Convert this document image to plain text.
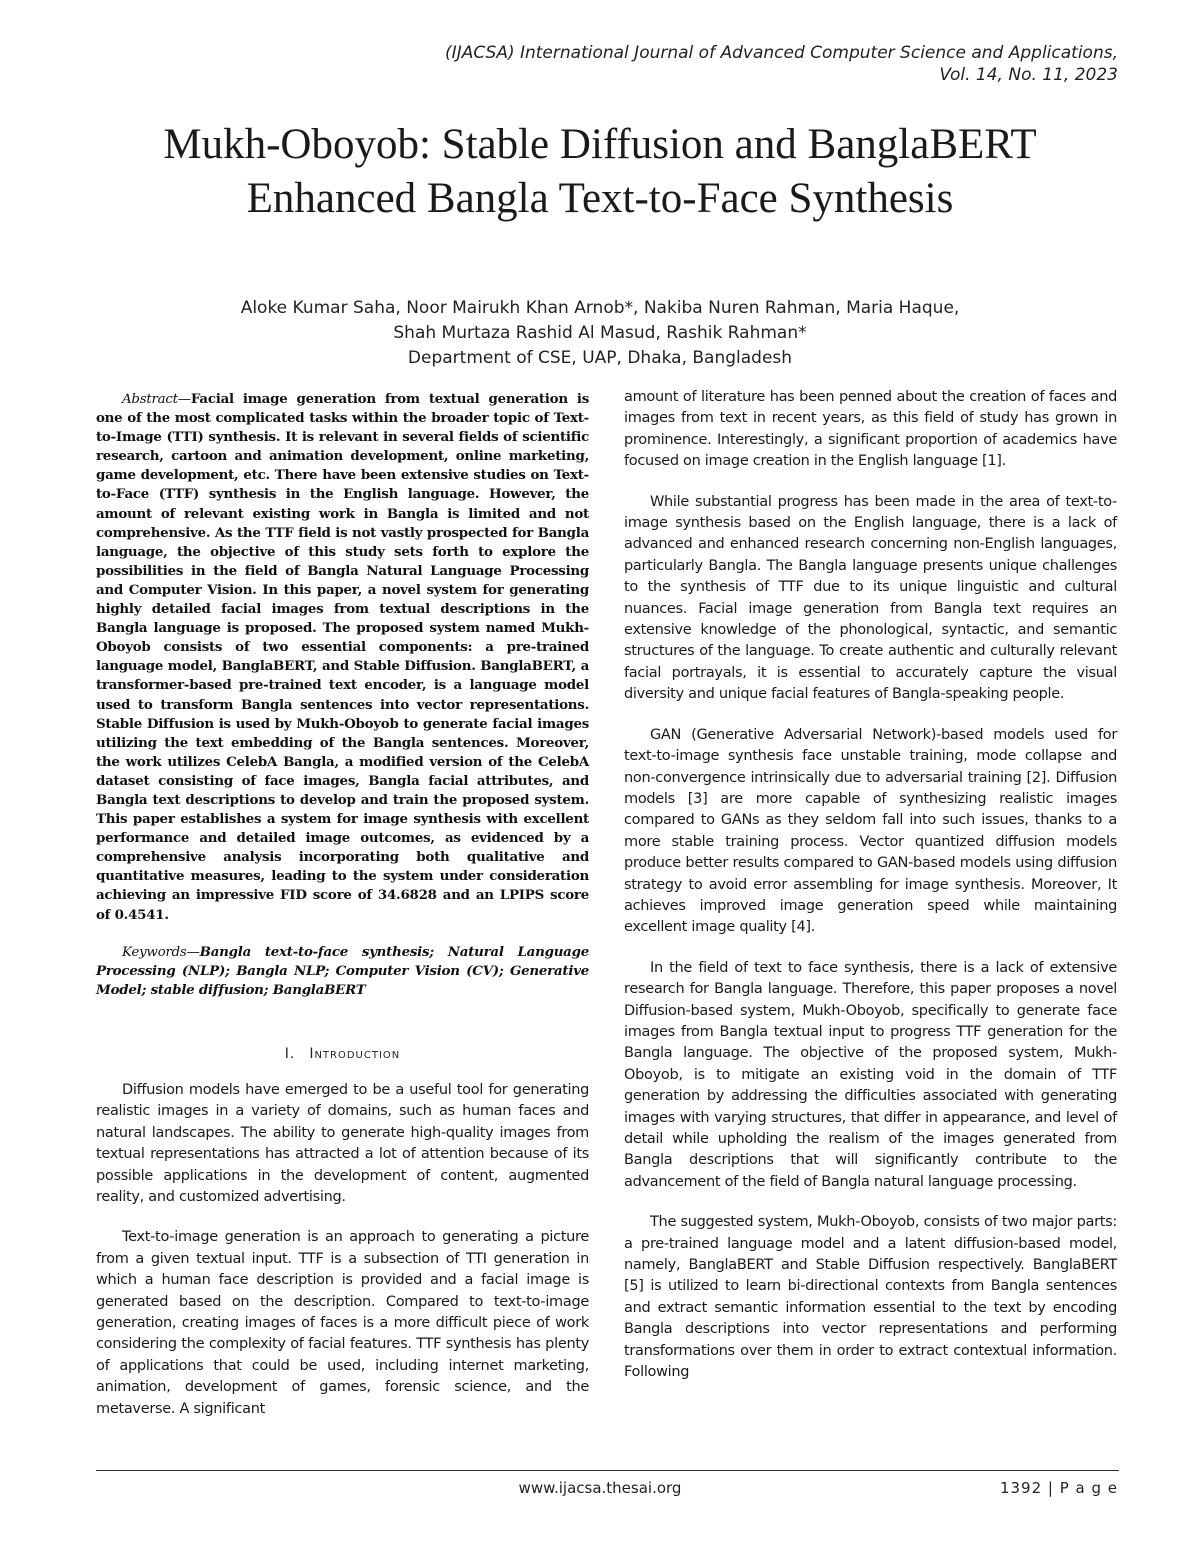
(IJACSA) International Journal of Advanced Computer Science and Applications,
Vol. 14, No. 11, 2023
Mukh-Oboyob: Stable Diffusion and BanglaBERT
Enhanced Bangla Text-to-Face Synthesis
Aloke Kumar Saha, Noor Mairukh Khan Arnob*, Nakiba Nuren Rahman, Maria Haque,
Shah Murtaza Rashid Al Masud, Rashik Rahman*
Department of CSE, UAP, Dhaka, Bangladesh

Abstract—Facial image generation from textual generation is one of the most complicated tasks within the broader topic of Text-to-Image (TTI) synthesis. It is relevant in several fields of scientific research, cartoon and animation development, online marketing, game development, etc. There have been extensive studies on Text-to-Face (TTF) synthesis in the English language. However, the amount of relevant existing work in Bangla is limited and not comprehensive. As the TTF field is not vastly prospected for Bangla language, the objective of this study sets forth to explore the possibilities in the field of Bangla Natural Language Processing and Computer Vision. In this paper, a novel system for generating highly detailed facial images from textual descriptions in the Bangla language is proposed. The proposed system named Mukh-Oboyob consists of two essential components: a pre-trained language model, BanglaBERT, and Stable Diffusion. BanglaBERT, a transformer-based pre-trained text encoder, is a language model used to transform Bangla sentences into vector representations. Stable Diffusion is used by Mukh-Oboyob to generate facial images utilizing the text embedding of the Bangla sentences. Moreover, the work utilizes CelebA Bangla, a modified version of the CelebA dataset consisting of face images, Bangla facial attributes, and Bangla text descriptions to develop and train the proposed system. This paper establishes a system for image synthesis with excellent performance and detailed image outcomes, as evidenced by a comprehensive analysis incorporating both qualitative and quantitative measures, leading to the system under consideration achieving an impressive FID score of 34.6828 and an LPIPS score of 0.4541.

Keywords—Bangla text-to-face synthesis; Natural Language Processing (NLP); Bangla NLP; Computer Vision (CV); Generative Model; stable diffusion; BanglaBERT

I. Introduction

Diffusion models have emerged to be a useful tool for generating realistic images in a variety of domains, such as human faces and natural landscapes. The ability to generate high-quality images from textual representations has attracted a lot of attention because of its possible applications in the development of content, augmented reality, and customized advertising.

Text-to-image generation is an approach to generating a picture from a given textual input. TTF is a subsection of TTI generation in which a human face description is provided and a facial image is generated based on the description. Compared to text-to-image generation, creating images of faces is a more difficult piece of work considering the complexity of facial features. TTF synthesis has plenty of applications that could be used, including internet marketing, animation, development of games, forensic science, and the metaverse. A significant

amount of literature has been penned about the creation of faces and images from text in recent years, as this field of study has grown in prominence. Interestingly, a significant proportion of academics have focused on image creation in the English language [1].

While substantial progress has been made in the area of text-to-image synthesis based on the English language, there is a lack of advanced and enhanced research concerning non-English languages, particularly Bangla. The Bangla language presents unique challenges to the synthesis of TTF due to its unique linguistic and cultural nuances. Facial image generation from Bangla text requires an extensive knowledge of the phonological, syntactic, and semantic structures of the language. To create authentic and culturally relevant facial portrayals, it is essential to accurately capture the visual diversity and unique facial features of Bangla-speaking people.

GAN (Generative Adversarial Network)-based models used for text-to-image synthesis face unstable training, mode collapse and non-convergence intrinsically due to adversarial training [2]. Diffusion models [3] are more capable of synthesizing realistic images compared to GANs as they seldom fall into such issues, thanks to a more stable training process. Vector quantized diffusion models produce better results compared to GAN-based models using diffusion strategy to avoid error assembling for image synthesis. Moreover, It achieves improved image generation speed while maintaining excellent image quality [4].

In the field of text to face synthesis, there is a lack of extensive research for Bangla language. Therefore, this paper proposes a novel Diffusion-based system, Mukh-Oboyob, specifically to generate face images from Bangla textual input to progress TTF generation for the Bangla language. The objective of the proposed system, Mukh-Oboyob, is to mitigate an existing void in the domain of TTF generation by addressing the difficulties associated with generating images with varying structures, that differ in appearance, and level of detail while upholding the realism of the images generated from Bangla descriptions that will significantly contribute to the advancement of the field of Bangla natural language processing.

The suggested system, Mukh-Oboyob, consists of two major parts: a pre-trained language model and a latent diffusion-based model, namely, BanglaBERT and Stable Diffusion respectively. BanglaBERT [5] is utilized to learn bi-directional contexts from Bangla sentences and extract semantic information essential to the text by encoding Bangla descriptions into vector representations and performing transformations over them in order to extract contextual information. Following

www.ijacsa.thesai.org	1392 | P a g e
